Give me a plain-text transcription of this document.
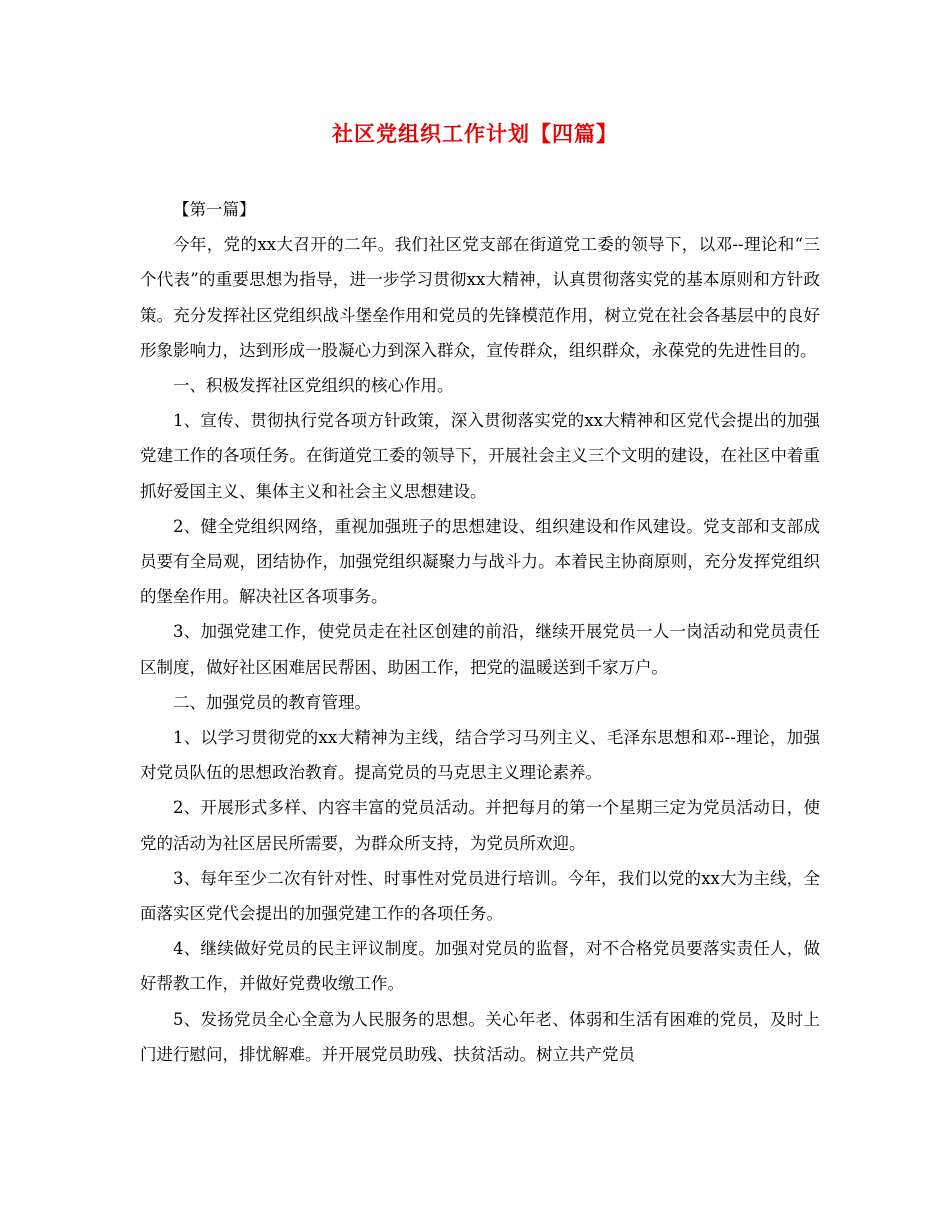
社区党组织工作计划【四篇】

【第一篇】

今年，党的xx大召开的二年。我们社区党支部在街道党工委的领导下，以邓--理论和“三个代表”的重要思想为指导，进一步学习贯彻xx大精神，认真贯彻落实党的基本原则和方针政策。充分发挥社区党组织战斗堡垒作用和党员的先锋模范作用，树立党在社会各基层中的良好形象影响力，达到形成一股凝心力到深入群众，宣传群众，组织群众，永葆党的先进性目的。

一、积极发挥社区党组织的核心作用。

1、宣传、贯彻执行党各项方针政策，深入贯彻落实党的xx大精神和区党代会提出的加强党建工作的各项任务。在街道党工委的领导下，开展社会主义三个文明的建设，在社区中着重抓好爱国主义、集体主义和社会主义思想建设。

2、健全党组织网络，重视加强班子的思想建设、组织建设和作风建设。党支部和支部成员要有全局观，团结协作，加强党组织凝聚力与战斗力。本着民主协商原则，充分发挥党组织的堡垒作用。解决社区各项事务。

3、加强党建工作，使党员走在社区创建的前沿，继续开展党员一人一岗活动和党员责任区制度，做好社区困难居民帮困、助困工作，把党的温暖送到千家万户。

二、加强党员的教育管理。

1、以学习贯彻党的xx大精神为主线，结合学习马列主义、毛泽东思想和邓--理论，加强对党员队伍的思想政治教育。提高党员的马克思主义理论素养。

2、开展形式多样、内容丰富的党员活动。并把每月的第一个星期三定为党员活动日，使党的活动为社区居民所需要，为群众所支持，为党员所欢迎。

3、每年至少二次有针对性、时事性对党员进行培训。今年，我们以党的xx大为主线，全面落实区党代会提出的加强党建工作的各项任务。

4、继续做好党员的民主评议制度。加强对党员的监督，对不合格党员要落实责任人，做好帮教工作，并做好党费收缴工作。

5、发扬党员全心全意为人民服务的思想。关心年老、体弱和生活有困难的党员，及时上门进行慰问，排忧解难。并开展党员助残、扶贫活动。树立共产党员
